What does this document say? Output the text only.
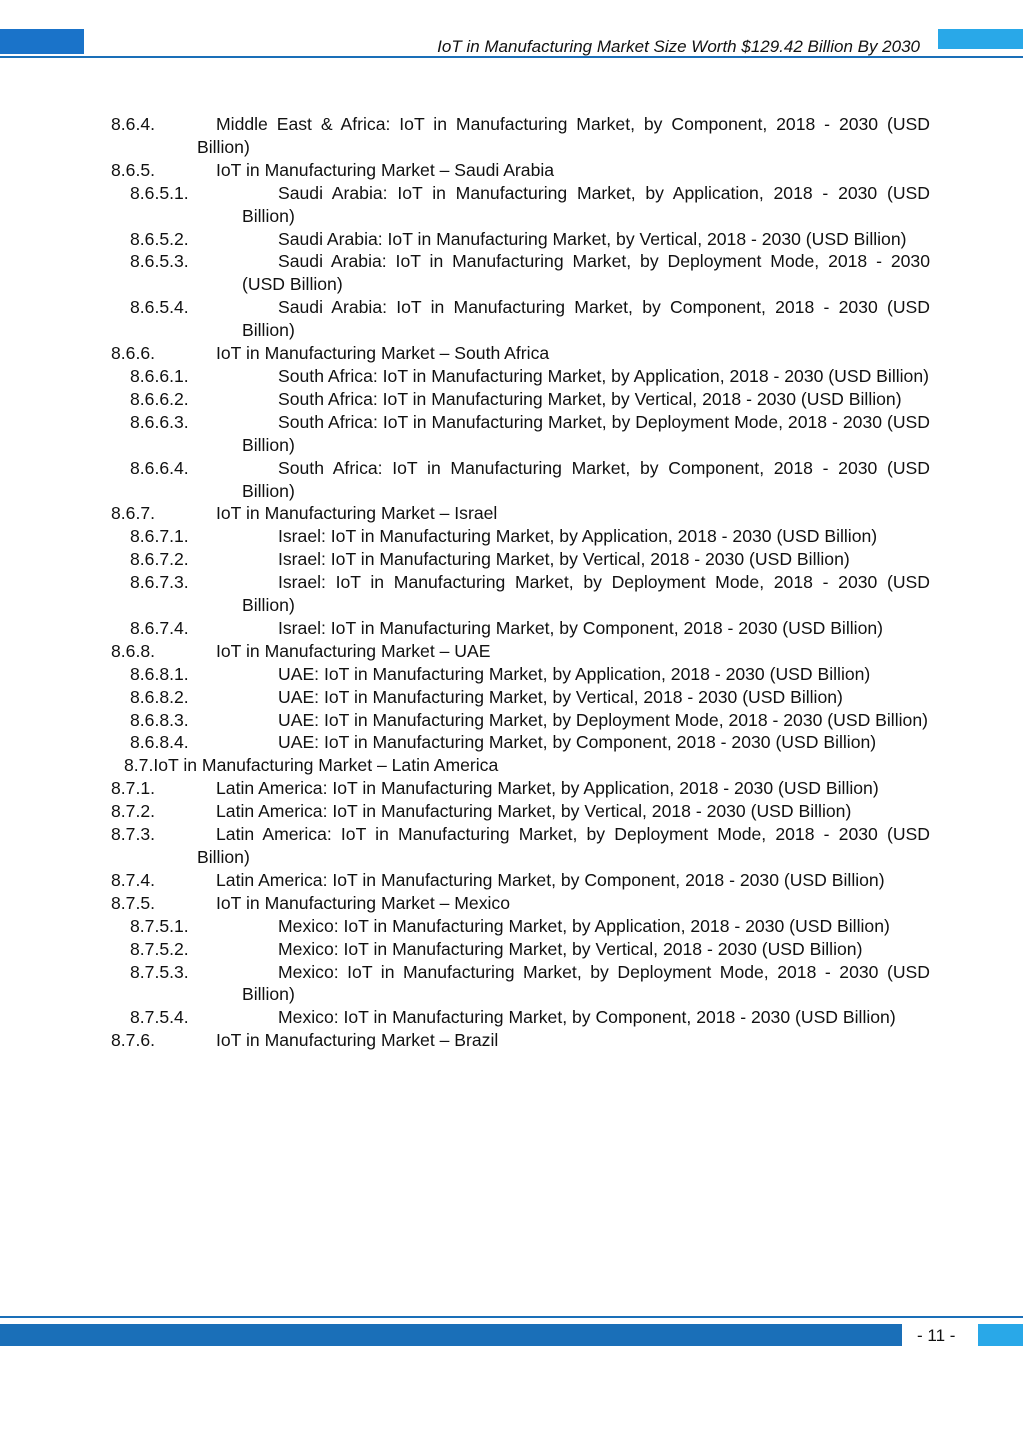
IoT in Manufacturing Market Size Worth $129.42 Billion By 2030
8.6.4.	Middle East & Africa: IoT in Manufacturing Market, by Component, 2018 - 2030 (USD Billion)
8.6.5.	IoT in Manufacturing Market – Saudi Arabia
8.6.5.1.	Saudi Arabia: IoT in Manufacturing Market, by Application, 2018 - 2030 (USD Billion)
8.6.5.2.	Saudi Arabia: IoT in Manufacturing Market, by Vertical, 2018 - 2030 (USD Billion)
8.6.5.3.	Saudi Arabia: IoT in Manufacturing Market, by Deployment Mode, 2018 - 2030 (USD Billion)
8.6.5.4.	Saudi Arabia: IoT in Manufacturing Market, by Component, 2018 - 2030 (USD Billion)
8.6.6.	IoT in Manufacturing Market – South Africa
8.6.6.1.	South Africa: IoT in Manufacturing Market, by Application, 2018 - 2030 (USD Billion)
8.6.6.2.	South Africa: IoT in Manufacturing Market, by Vertical, 2018 - 2030 (USD Billion)
8.6.6.3.	South Africa: IoT in Manufacturing Market, by Deployment Mode, 2018 - 2030 (USD Billion)
8.6.6.4.	South Africa: IoT in Manufacturing Market, by Component, 2018 - 2030 (USD Billion)
8.6.7.	IoT in Manufacturing Market – Israel
8.6.7.1.	Israel: IoT in Manufacturing Market, by Application, 2018 - 2030 (USD Billion)
8.6.7.2.	Israel: IoT in Manufacturing Market, by Vertical, 2018 - 2030 (USD Billion)
8.6.7.3.	Israel: IoT in Manufacturing Market, by Deployment Mode, 2018 - 2030 (USD Billion)
8.6.7.4.	Israel: IoT in Manufacturing Market, by Component, 2018 - 2030 (USD Billion)
8.6.8.	IoT in Manufacturing Market – UAE
8.6.8.1.	UAE: IoT in Manufacturing Market, by Application, 2018 - 2030 (USD Billion)
8.6.8.2.	UAE: IoT in Manufacturing Market, by Vertical, 2018 - 2030 (USD Billion)
8.6.8.3.	UAE: IoT in Manufacturing Market, by Deployment Mode, 2018 - 2030 (USD Billion)
8.6.8.4.	UAE: IoT in Manufacturing Market, by Component, 2018 - 2030 (USD Billion)
8.7.IoT in Manufacturing Market – Latin America
8.7.1.	Latin America: IoT in Manufacturing Market, by Application, 2018 - 2030 (USD Billion)
8.7.2.	Latin America: IoT in Manufacturing Market, by Vertical, 2018 - 2030 (USD Billion)
8.7.3.	Latin America: IoT in Manufacturing Market, by Deployment Mode, 2018 - 2030 (USD Billion)
8.7.4.	Latin America: IoT in Manufacturing Market, by Component, 2018 - 2030 (USD Billion)
8.7.5.	IoT in Manufacturing Market – Mexico
8.7.5.1.	Mexico: IoT in Manufacturing Market, by Application, 2018 - 2030 (USD Billion)
8.7.5.2.	Mexico: IoT in Manufacturing Market, by Vertical, 2018 - 2030 (USD Billion)
8.7.5.3.	Mexico: IoT in Manufacturing Market, by Deployment Mode, 2018 - 2030 (USD Billion)
8.7.5.4.	Mexico: IoT in Manufacturing Market, by Component, 2018 - 2030 (USD Billion)
8.7.6.	IoT in Manufacturing Market – Brazil
- 11 -
